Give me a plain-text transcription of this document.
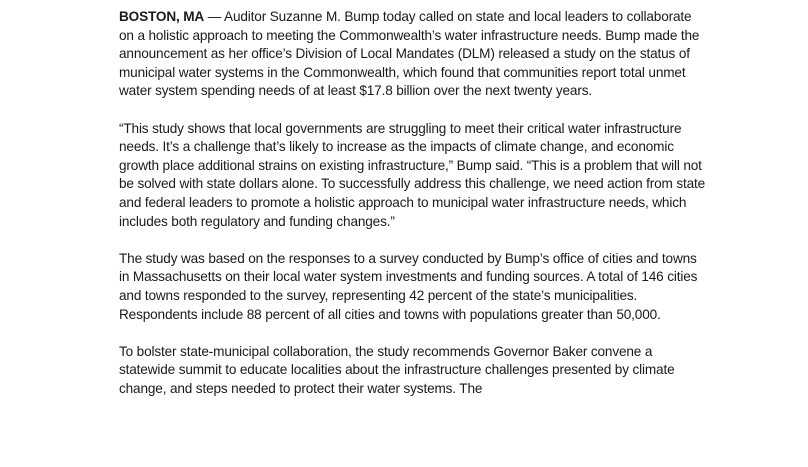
BOSTON, MA — Auditor Suzanne M. Bump today called on state and local leaders to collaborate on a holistic approach to meeting the Commonwealth’s water infrastructure needs. Bump made the announcement as her office’s Division of Local Mandates (DLM) released a study on the status of municipal water systems in the Commonwealth, which found that communities report total unmet water system spending needs of at least $17.8 billion over the next twenty years.

“This study shows that local governments are struggling to meet their critical water infrastructure needs. It’s a challenge that’s likely to increase as the impacts of climate change, and economic growth place additional strains on existing infrastructure,” Bump said. “This is a problem that will not be solved with state dollars alone. To successfully address this challenge, we need action from state and federal leaders to promote a holistic approach to municipal water infrastructure needs, which includes both regulatory and funding changes.”

The study was based on the responses to a survey conducted by Bump’s office of cities and towns in Massachusetts on their local water system investments and funding sources. A total of 146 cities and towns responded to the survey, representing 42 percent of the state’s municipalities. Respondents include 88 percent of all cities and towns with populations greater than 50,000.

To bolster state-municipal collaboration, the study recommends Governor Baker convene a statewide summit to educate localities about the infrastructure challenges presented by climate change, and steps needed to protect their water systems. The
